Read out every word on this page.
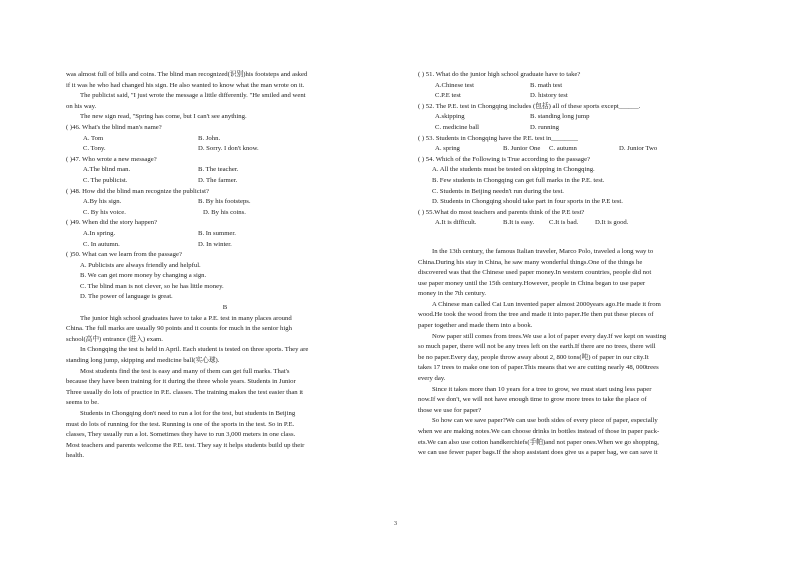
was almost full of bills and coins. The blind man recognized(识别)his footsteps and asked
if it was he who had changed his sign. He also wanted to know what the man wrote on it.
The publicist said, "I just wrote the message a little differently. "He smiled and went
on his way.
The new sign read, "Spring has come, but I can't see anything.
( )46. What's the blind man's name?
A. Tom	B. John.
C. Tony.	D. Sorry. I don't know.
( )47. Who wrote a new message?
A.The blind man.	B. The teacher.
C. The publicist.	D. The farmer.
( )48. How did the blind man recognize the publicist?
A.By his sign.	B. By his footsteps.
C. By his voice.	D. By his coins.
( )49. When did the story happen?
A.In spring.	B. In summer.
C. In autumn.	D. In winter.
( )50. What can we learn from the passage?
A. Publicists are always friendly and helpful.
B. We can get more money by changing a sign.
C. The blind man is not clever, so he has little money.
D. The power of language is great.
B
The junior high school graduates have to take a P.E. test in many places around
China. The full marks are usually 90 points and it counts for much in the senior high
school(高中) entrance (进入) exam.
In Chongqing the test is held in April. Each student is tested on three sports. They are
standing long jump, skipping and medicine ball(实心球).
Most students find the test is easy and many of them can get full marks. That's
because they have been training for it during the three whole years. Students in Junior
Three usually do lots of practice in P.E. classes. The training makes the test easier than it
seems to be.
Students in Chongqing don't need to run a lot for the test, but students in Beijing
must do lots of running for the test. Running is one of the sports in the test. So in P.E.
classes, They usually run a lot. Sometimes they have to run 3,000 meters in one class.
Most teachers and parents welcome the P.E. test. They say it helps students build up their
health.
( ) 51. What do the junior high school graduate have to take?
A.Chinese test	B. math test
C.P.E test	D. history test
( ) 52. The P.E. test in Chongqing includes (包括) all of these sports except______.
A.skipping	B. standing long jump
C. medicine ball	D. running
( ) 53. Students in Chongqing have the P.E. test in________
A. spring	B. Junior One	C. autumn	D. Junior Two
( ) 54. Which of the Following is True according to the passage?
A. All the students must be tested on skipping in Chongqing.
B. Few students in Chongqing can get full marks in the P.E. test.
C. Students in Beijing needn't run during the test.
D. Students in Chongqing should take part in four sports in the P.E test.
( ) 55.What do most teachers and parents think of the P.E test?
A.It is difficult.	B.It is easy.	C.It is bad.	D.It is good.
In the 13th century, the famous Italian traveler, Marco Polo, traveled a long way to
China.During his stay in China, he saw many wonderful things.One of the things he
discovered was that the Chinese used paper money.In western countries, people did not
use paper money until the 15th century.However, people in China began to use paper
money in the 7th century.
A Chinese man called Cai Lun invented paper almost 2000years ago.He made it from
wood.He took the wood from the tree and made it into paper.He then put these pieces of
paper together and made them into a book.
Now paper still comes from trees.We use a lot of paper every day.If we kept on wasting
so much paper, there will not be any trees left on the earth.If there are no trees, there will
be no paper.Every day, people throw away about 2, 800 tons(吨) of paper in our city.It
takes 17 trees to make one ton of paper.This means that we are cutting nearly 48, 000trees
every day.
Since it takes more than 10 years for a tree to grow, we must start using less paper
now.If we don't, we will not have enough time to grow more trees to take the place of
those we use for paper?
So how can we save paper?We can use both sides of every piece of paper, especially
when we are making notes.We can choose drinks in bottles instead of those in paper pack-
ets.We can also use cotton handkerchiefs(手帕)and not paper ones.When we go shopping,
we can use fewer paper bags.If the shop assistant does give us a paper bag, we can save it
3
